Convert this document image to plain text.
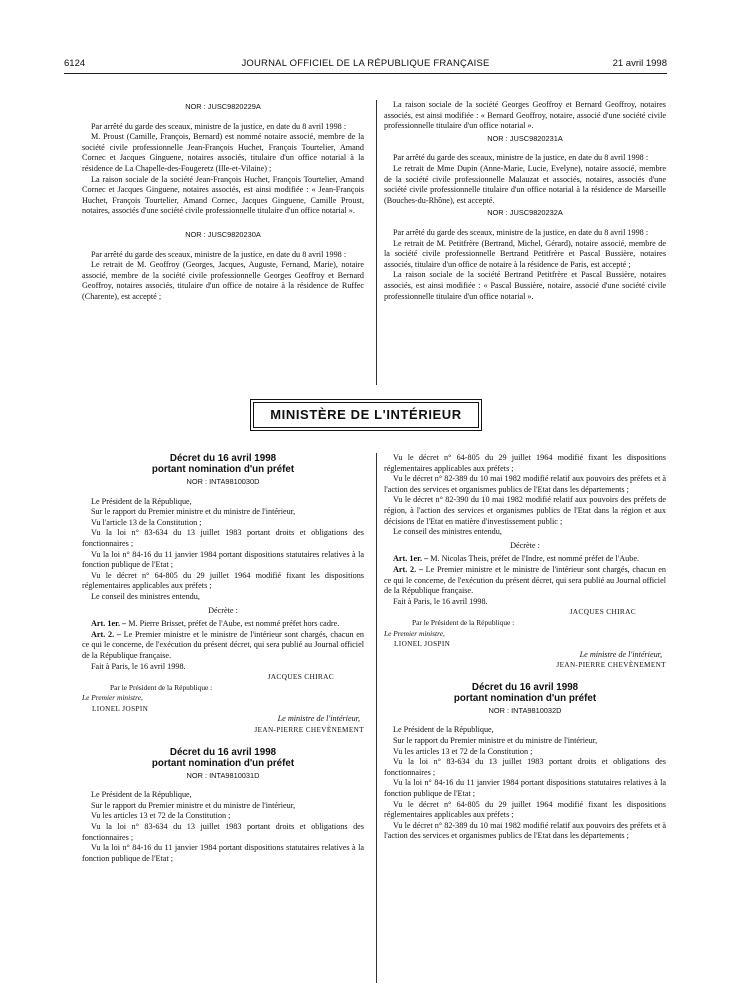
6124	JOURNAL OFFICIEL DE LA RÉPUBLIQUE FRANÇAISE	21 avril 1998

NOR : JUSC9820229A

Par arrêté du garde des sceaux, ministre de la justice, en date du 8 avril 1998 :

M. Proust (Camille, François, Bernard) est nommé notaire associé, membre de la société civile professionnelle Jean-François Huchet, François Tourtelier, Amand Cornec et Jacques Ginguene, notaires associés, titulaire d'un office notarial à la résidence de La Chapelle-des-Fougeretz (Ille-et-Vilaine) ;

La raison sociale de la société Jean-François Huchet, François Tourtelier, Amand Cornec et Jacques Ginguene, notaires associés, est ainsi modifiée : « Jean-François Huchet, François Tourtelier, Amand Cornec, Jacques Ginguene, Camille Proust, notaires, associés d'une société civile professionnelle titulaire d'un office notarial ».

NOR : JUSC9820230A

Par arrêté du garde des sceaux, ministre de la justice, en date du 8 avril 1998 :

Le retrait de M. Geoffroy (Georges, Jacques, Auguste, Fernand, Marie), notaire associé, membre de la société civile professionnelle Georges Geoffroy et Bernard Geoffroy, notaires associés, titulaire d'un office de notaire à la résidence de Ruffec (Charente), est accepté ;

La raison sociale de la société Georges Geoffroy et Bernard Geoffroy, notaires associés, est ainsi modifiée : « Bernard Geoffroy, notaire, associé d'une société civile professionnelle titulaire d'un office notarial ».

NOR : JUSC9820231A

Par arrêté du garde des sceaux, ministre de la justice, en date du 8 avril 1998 :

Le retrait de Mme Dupin (Anne-Marie, Lucie, Evelyne), notaire associé, membre de la société civile professionnelle Malauzat et associés, notaires, associés d'une société civile professionnelle titulaire d'un office notarial à la résidence de Marseille (Bouches-du-Rhône), est accepté.

NOR : JUSC9820232A

Par arrêté du garde des sceaux, ministre de la justice, en date du 8 avril 1998 :

Le retrait de M. Petitfrère (Bertrand, Michel, Gérard), notaire associé, membre de la société civile professionnelle Bertrand Petitfrère et Pascal Bussière, notaires associés, titulaire d'un office de notaire à la résidence de Paris, est accepté ;

La raison sociale de la société Bertrand Petitfrère et Pascal Bussière, notaires associés, est ainsi modifiée : « Pascal Bussière, notaire, associé d'une société civile professionnelle titulaire d'un office notarial ».

MINISTÈRE DE L'INTÉRIEUR

Décret du 16 avril 1998

portant nomination d'un préfet

NOR : INTA9810030D

Le Président de la République,

Sur le rapport du Premier ministre et du ministre de l'intérieur,

Vu l'article 13 de la Constitution ;

Vu la loi n° 83-634 du 13 juillet 1983 portant droits et obligations des fonctionnaires ;

Vu la loi n° 84-16 du 11 janvier 1984 portant dispositions statutaires relatives à la fonction publique de l'Etat ;

Vu le décret n° 64-805 du 29 juillet 1964 modifié fixant les dispositions réglementaires applicables aux préfets ;

Le conseil des ministres entendu,

Décrète :

Art. 1er. – M. Pierre Brisset, préfet de l'Aube, est nommé préfet hors cadre.

Art. 2. – Le Premier ministre et le ministre de l'intérieur sont chargés, chacun en ce qui le concerne, de l'exécution du présent décret, qui sera publié au Journal officiel de la République française.

Fait à Paris, le 16 avril 1998.

JACQUES CHIRAC

Par le Président de la République :

Le Premier ministre,

LIONEL JOSPIN

Le ministre de l'intérieur,

JEAN-PIERRE CHEVÈNEMENT

Décret du 16 avril 1998

portant nomination d'un préfet

NOR : INTA9810031D

Le Président de la République,

Sur le rapport du Premier ministre et du ministre de l'intérieur,

Vu les articles 13 et 72 de la Constitution ;

Vu la loi n° 83-634 du 13 juillet 1983 portant droits et obligations des fonctionnaires ;

Vu la loi n° 84-16 du 11 janvier 1984 portant dispositions statutaires relatives à la fonction publique de l'Etat ;

Vu le décret n° 64-805 du 29 juillet 1964 modifié fixant les dispositions réglementaires applicables aux préfets ;

Vu le décret n° 82-389 du 10 mai 1982 modifié relatif aux pouvoirs des préfets et à l'action des services et organismes publics de l'Etat dans les départements ;

Vu le décret n° 82-390 du 10 mai 1982 modifié relatif aux pouvoirs des préfets de région, à l'action des services et organismes publics de l'Etat dans la région et aux décisions de l'Etat en matière d'investissement public ;

Le conseil des ministres entendu,

Décrète :

Art. 1er. – M. Nicolas Theis, préfet de l'Indre, est nommé préfet de l'Aube.

Art. 2. – Le Premier ministre et le ministre de l'intérieur sont chargés, chacun en ce qui le concerne, de l'exécution du présent décret, qui sera publié au Journal officiel de la République française.

Fait à Paris, le 16 avril 1998.

JACQUES CHIRAC

Par le Président de la République :

Le Premier ministre,

LIONEL JOSPIN

Le ministre de l'intérieur,

JEAN-PIERRE CHEVÈNEMENT

Décret du 16 avril 1998

portant nomination d'un préfet

NOR : INTA9810032D

Le Président de la République,

Sur le rapport du Premier ministre et du ministre de l'intérieur,

Vu les articles 13 et 72 de la Constitution ;

Vu la loi n° 83-634 du 13 juillet 1983 portant droits et obligations des fonctionnaires ;

Vu la loi n° 84-16 du 11 janvier 1984 portant dispositions statutaires relatives à la fonction publique de l'Etat ;

Vu le décret n° 64-805 du 29 juillet 1964 modifié fixant les dispositions réglementaires applicables aux préfets ;

Vu le décret n° 82-389 du 10 mai 1982 modifié relatif aux pouvoirs des préfets et à l'action des services et organismes publics de l'Etat dans les départements ;
